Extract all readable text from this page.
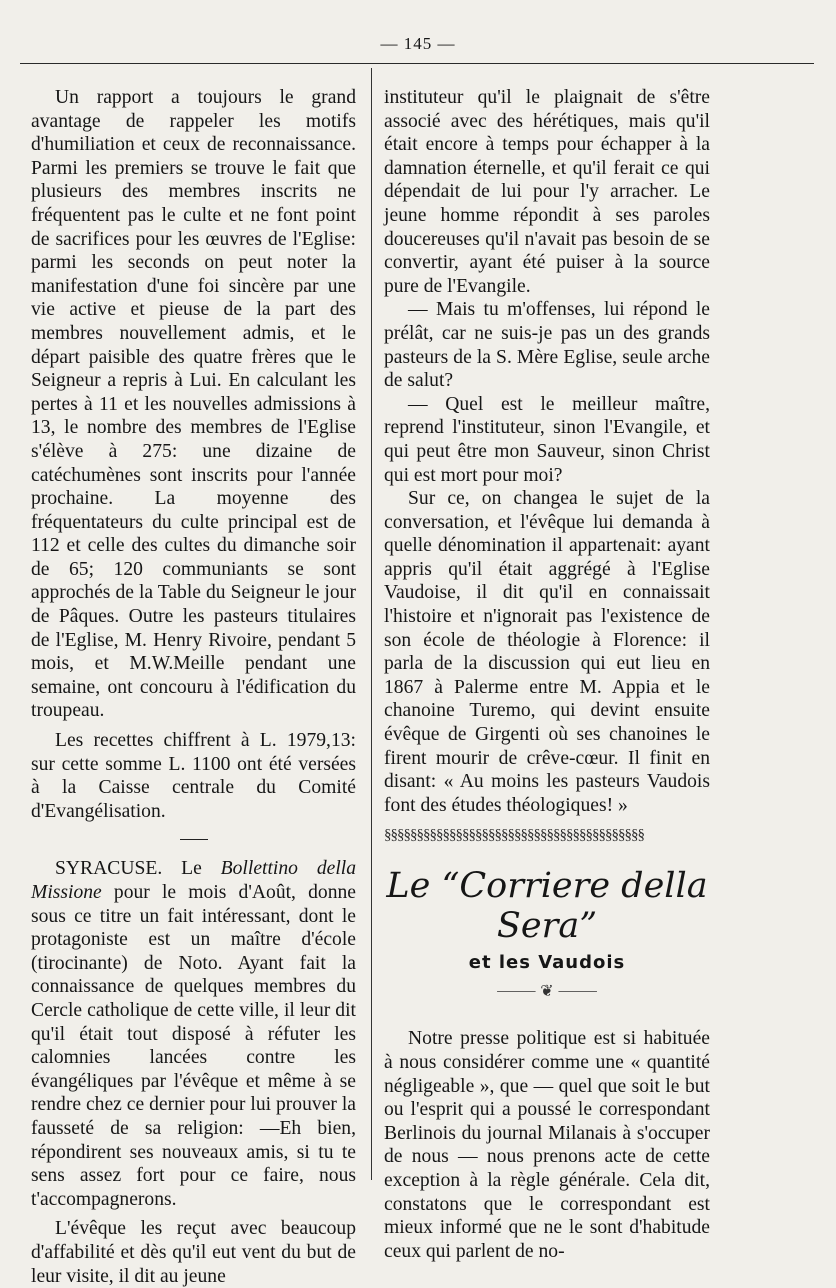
— 145 —

Un rapport a toujours le grand avantage de rappeler les motifs d'humiliation et ceux de reconnaissance. Parmi les premiers se trouve le fait que plusieurs des membres inscrits ne fréquentent pas le culte et ne font point de sacrifices pour les œuvres de l'Eglise: parmi les seconds on peut noter la manifestation d'une foi sincère par une vie active et pieuse de la part des membres nouvellement admis, et le départ paisible des quatre frères que le Seigneur a repris à Lui. En calculant les pertes à 11 et les nouvelles admissions à 13, le nombre des membres de l'Eglise s'élève à 275: une dizaine de catéchumènes sont inscrits pour l'année prochaine. La moyenne des fréquentateurs du culte principal est de 112 et celle des cultes du dimanche soir de 65; 120 communiants se sont approchés de la Table du Seigneur le jour de Pâques. Outre les pasteurs titulaires de l'Eglise, M. Henry Rivoire, pendant 5 mois, et M.W.Meille pendant une semaine, ont concouru à l'édification du troupeau.

Les recettes chiffrent à L. 1979,13: sur cette somme L. 1100 ont été versées à la Caisse centrale du Comité d'Evangélisation.

SYRACUSE. Le Bollettino della Missione pour le mois d'Août, donne sous ce titre un fait intéressant, dont le protagoniste est un maître d'école (tirocinante) de Noto. Ayant fait la connaissance de quelques membres du Cercle catholique de cette ville, il leur dit qu'il était tout disposé à réfuter les calomnies lancées contre les évangéliques par l'évêque et même à se rendre chez ce dernier pour lui prouver la fausseté de sa religion: —Eh bien, répondirent ses nouveaux amis, si tu te sens assez fort pour ce faire, nous t'accompagnerons.

L'évêque les reçut avec beaucoup d'affabilité et dès qu'il eut vent du but de leur visite, il dit au jeune

instituteur qu'il le plaignait de s'être associé avec des hérétiques, mais qu'il était encore à temps pour échapper à la damnation éternelle, et qu'il ferait ce qui dépendait de lui pour l'y arracher. Le jeune homme répondit à ses paroles doucereuses qu'il n'avait pas besoin de se convertir, ayant été puiser à la source pure de l'Evangile.

— Mais tu m'offenses, lui répond le prélât, car ne suis-je pas un des grands pasteurs de la S. Mère Eglise, seule arche de salut?

— Quel est le meilleur maître, reprend l'instituteur, sinon l'Evangile, et qui peut être mon Sauveur, sinon Christ qui est mort pour moi?

Sur ce, on changea le sujet de la conversation, et l'évêque lui demanda à quelle dénomination il appartenait: ayant appris qu'il était aggrégé à l'Eglise Vaudoise, il dit qu'il en connaissait l'histoire et n'ignorait pas l'existence de son école de théologie à Florence: il parla de la discussion qui eut lieu en 1867 à Palerme entre M. Appia et le chanoine Turemo, qui devint ensuite évêque de Girgenti où ses chanoines le firent mourir de crêve-cœur. Il finit en disant: « Au moins les pasteurs Vaudois font des études théologiques! »

§§§§§§§§§§§§§§§§§§§§§§§§§§§§§§§§§§§§§§§§
Le “Corriere della Sera”
et les Vaudois
⸻ ❦ ⸻

Notre presse politique est si habituée à nous considérer comme une « quantité négligeable », que — quel que soit le but ou l'esprit qui a poussé le correspondant Berlinois du journal Milanais à s'occuper de nous — nous prenons acte de cette exception à la règle générale. Cela dit, constatons que le correspondant est mieux informé que ne le sont d'habitude ceux qui parlent de no-
